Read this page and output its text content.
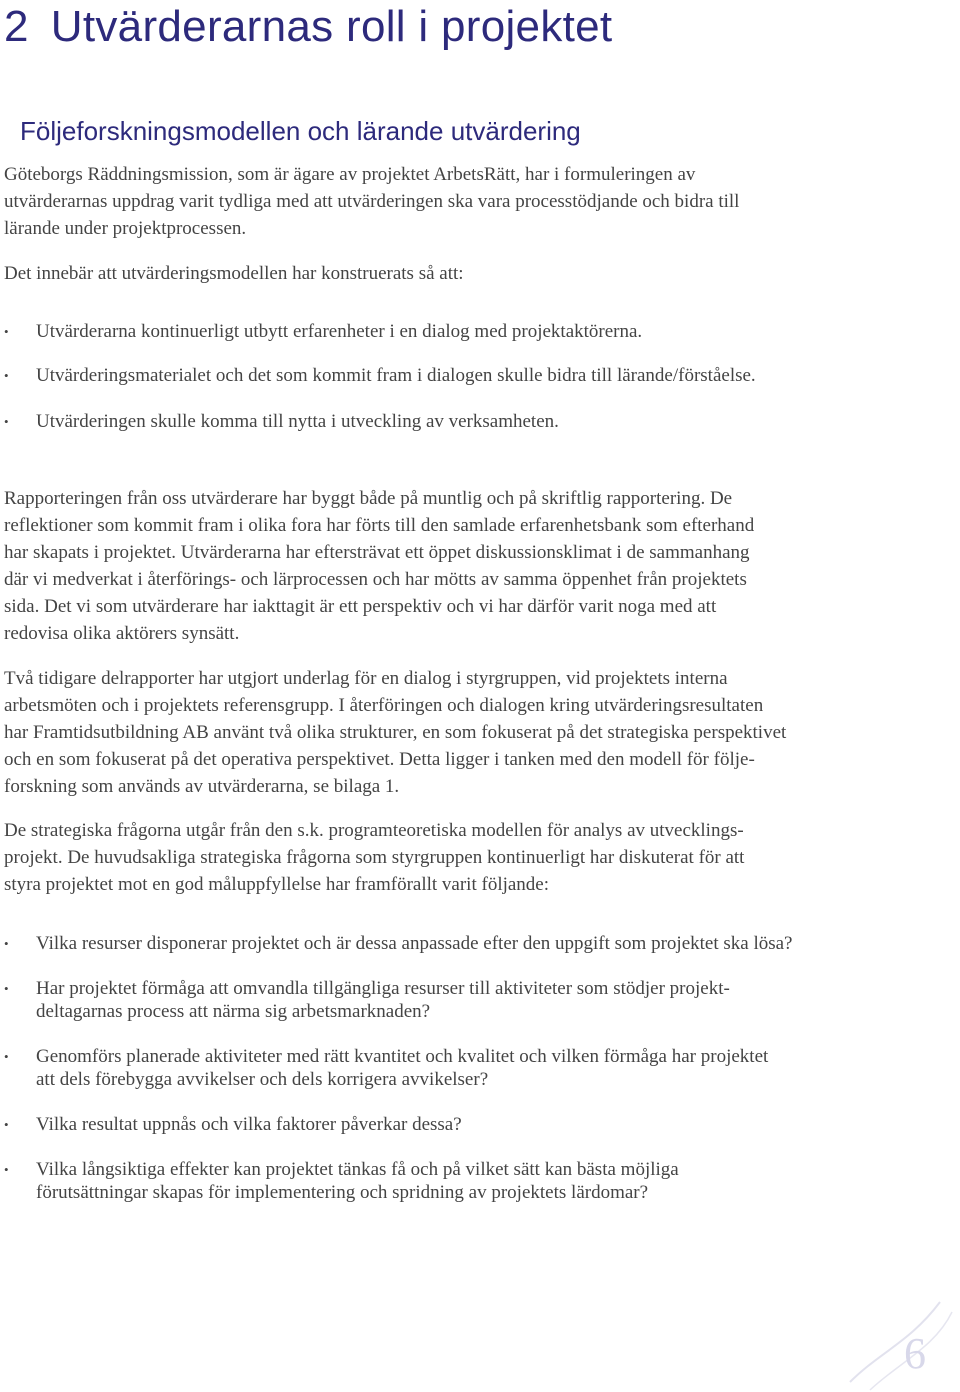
2 Utvärderarnas roll i projektet
Följeforskningsmodellen och lärande utvärdering

Göteborgs Räddningsmission, som är ägare av projektet ArbetsRätt, har i formuleringen av
utvärderarnas uppdrag varit tydliga med att utvärderingen ska vara processtödjande och bidra till
lärande under projektprocessen.

Det innebär att utvärderingsmodellen har konstruerats så att:

• Utvärderarna kontinuerligt utbytt erfarenheter i en dialog med projektaktörerna.
• Utvärderingsmaterialet och det som kommit fram i dialogen skulle bidra till lärande/förståelse.
• Utvärderingen skulle komma till nytta i utveckling av verksamheten.

Rapporteringen från oss utvärderare har byggt både på muntlig och på skriftlig rapportering. De
reflektioner som kommit fram i olika fora har förts till den samlade erfarenhetsbank som efterhand
har skapats i projektet. Utvärderarna har eftersträvat ett öppet diskussionsklimat i de sammanhang
där vi medverkat i återförings- och lärprocessen och har mötts av samma öppenhet från projektets
sida. Det vi som utvärderare har iakttagit är ett perspektiv och vi har därför varit noga med att
redovisa olika aktörers synsätt.

Två tidigare delrapporter har utgjort underlag för en dialog i styrgruppen, vid projektets interna
arbetsmöten och i projektets referensgrupp. I återföringen och dialogen kring utvärderingsresultaten
har Framtidsutbildning AB använt två olika strukturer, en som fokuserat på det strategiska perspektivet
och en som fokuserat på det operativa perspektivet. Detta ligger i tanken med den modell för följe-
forskning som används av utvärderarna, se bilaga 1.

De strategiska frågorna utgår från den s.k. programteoretiska modellen för analys av utvecklings-
projekt. De huvudsakliga strategiska frågorna som styrgruppen kontinuerligt har diskuterat för att
styra projektet mot en god måluppfyllelse har framförallt varit följande:

• Vilka resurser disponerar projektet och är dessa anpassade efter den uppgift som projektet ska lösa?
• Har projektet förmåga att omvandla tillgängliga resurser till aktiviteter som stödjer projekt-
deltagarnas process att närma sig arbetsmarknaden?
• Genomförs planerade aktiviteter med rätt kvantitet och kvalitet och vilken förmåga har projektet
att dels förebygga avvikelser och dels korrigera avvikelser?
• Vilka resultat uppnås och vilka faktorer påverkar dessa?
• Vilka långsiktiga effekter kan projektet tänkas få och på vilket sätt kan bästa möjliga
förutsättningar skapas för implementering och spridning av projektets lärdomar?
6
